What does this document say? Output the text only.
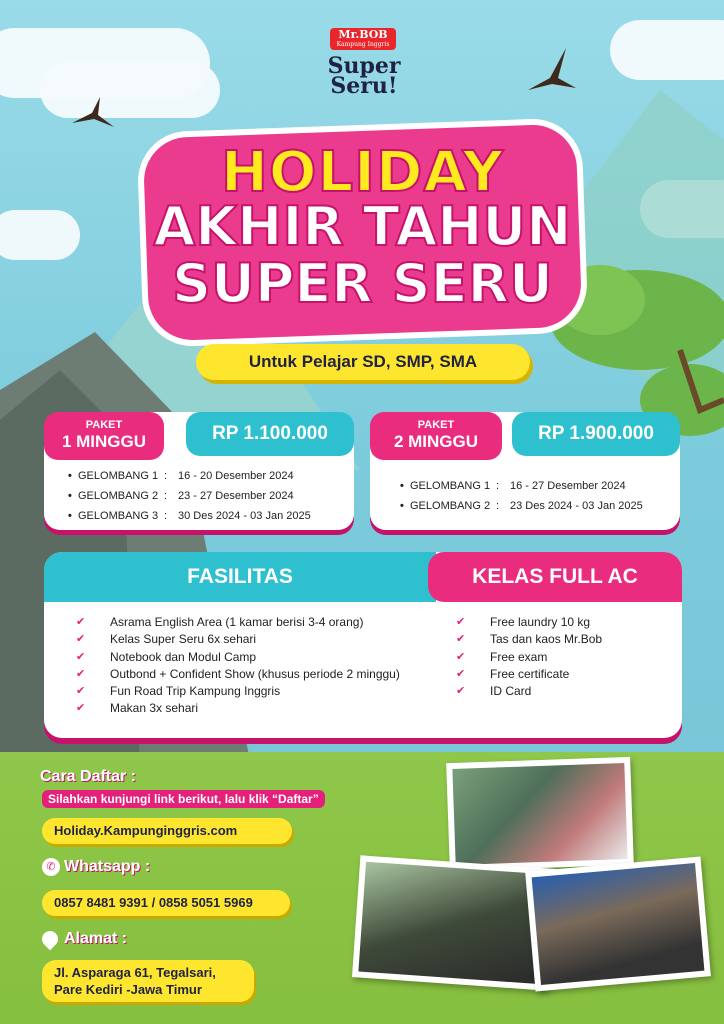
Mr.BOB
Kampung Inggris
Super Seru!
HOLIDAY
AKHIR TAHUN
SUPER SERU
Untuk Pelajar SD, SMP, SMA
PAKET
1 MINGGU	RP 1.100.000
• GELOMBANG 1 : 16 - 20 Desember 2024
• GELOMBANG 2 : 23 - 27 Desember 2024
• GELOMBANG 3 : 30 Des 2024 - 03 Jan 2025
PAKET
2 MINGGU	RP 1.900.000
• GELOMBANG 1 : 16 - 27 Desember 2024
• GELOMBANG 2 : 23 Des 2024 - 03 Jan 2025
FASILITAS	KELAS FULL AC
✔	Asrama English Area (1 kamar berisi 3-4 orang)
✔	Kelas Super Seru 6x sehari
✔	Notebook dan Modul Camp
✔	Outbond + Confident Show (khusus periode 2 minggu)
✔	Fun Road Trip Kampung Inggris
✔	Makan 3x sehari
✔	Free laundry 10 kg
✔	Tas dan kaos Mr.Bob
✔	Free exam
✔	Free certificate
✔	ID Card
Cara Daftar :
Silahkan kunjungi link berikut, lalu klik “Daftar”
Holiday.Kampunginggris.com
✆ Whatsapp :
0857 8481 9391 / 0858 5051 5969
Alamat :
Jl. Asparaga 61, Tegalsari,
Pare Kediri -Jawa Timur
